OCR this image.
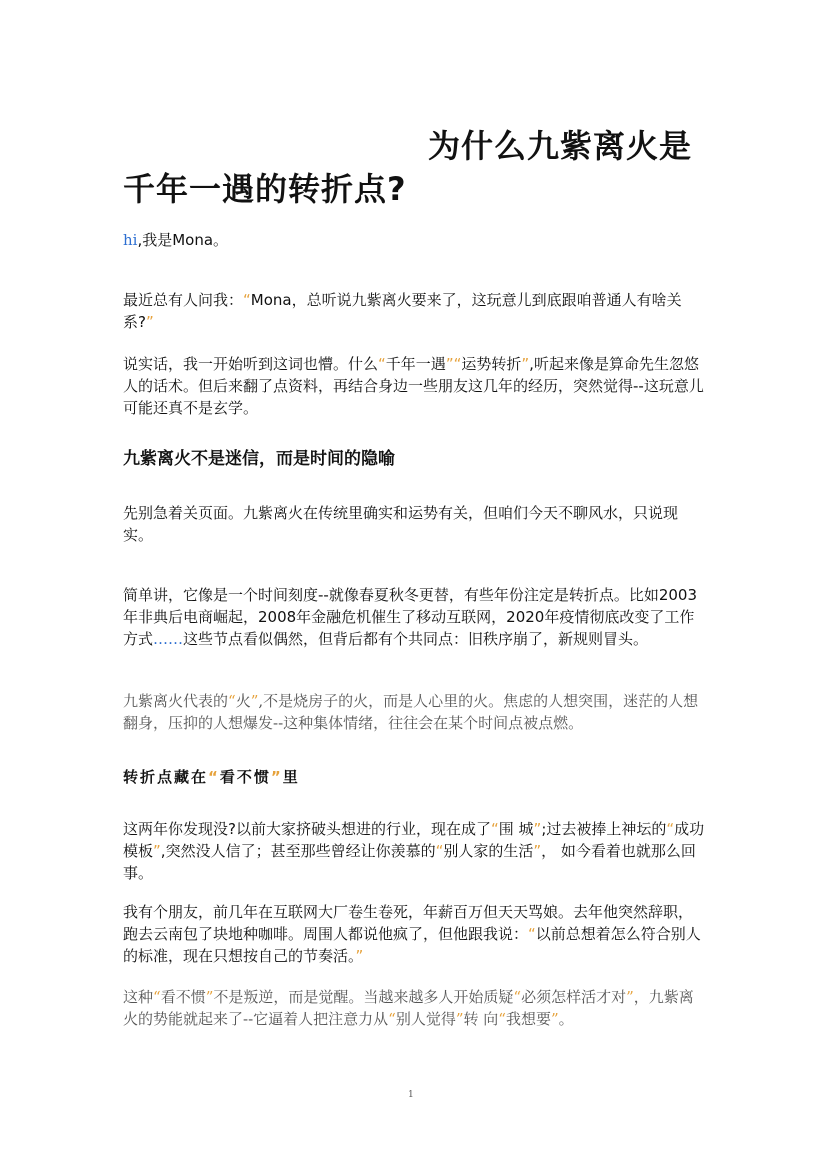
为什么九紫离火是
千年一遇的转折点?

hi,我是Mona。

最近总有人问我：“Mona，总听说九紫离火要来了，这玩意儿到底跟咱普通人有啥关系?”

说实话，我一开始听到这词也懵。什么“千年一遇”“运势转折”,听起来像是算命先生忽悠人的话术。但后来翻了点资料，再结合身边一些朋友这几年的经历，突然觉得--这玩意儿可能还真不是玄学。

九紫离火不是迷信，而是时间的隐喻

先别急着关页面。九紫离火在传统里确实和运势有关，但咱们今天不聊风水，只说现实。

简单讲，它像是一个时间刻度--就像春夏秋冬更替，有些年份注定是转折点。比如2003年非典后电商崛起，2008年金融危机催生了移动互联网，2020年疫情彻底改变了工作方式……这些节点看似偶然，但背后都有个共同点：旧秩序崩了，新规则冒头。

九紫离火代表的“火”,不是烧房子的火，而是人心里的火。焦虑的人想突围，迷茫的人想翻身，压抑的人想爆发--这种集体情绪，往往会在某个时间点被点燃。

转折点藏在“看不惯”里

这两年你发现没?以前大家挤破头想进的行业，现在成了“围 城”;过去被捧上神坛的“成功模板”,突然没人信了；甚至那些曾经让你羡慕的“别人家的生活”， 如今看着也就那么回事。

我有个朋友，前几年在互联网大厂卷生卷死，年薪百万但天天骂娘。去年他突然辞职，跑去云南包了块地种咖啡。周围人都说他疯了，但他跟我说：“以前总想着怎么符合别人的标准，现在只想按自己的节奏活。”

这种“看不惯”不是叛逆，而是觉醒。当越来越多人开始质疑“必须怎样活才对”，九紫离火的势能就起来了--它逼着人把注意力从“别人觉得”转 向“我想要”。

1
